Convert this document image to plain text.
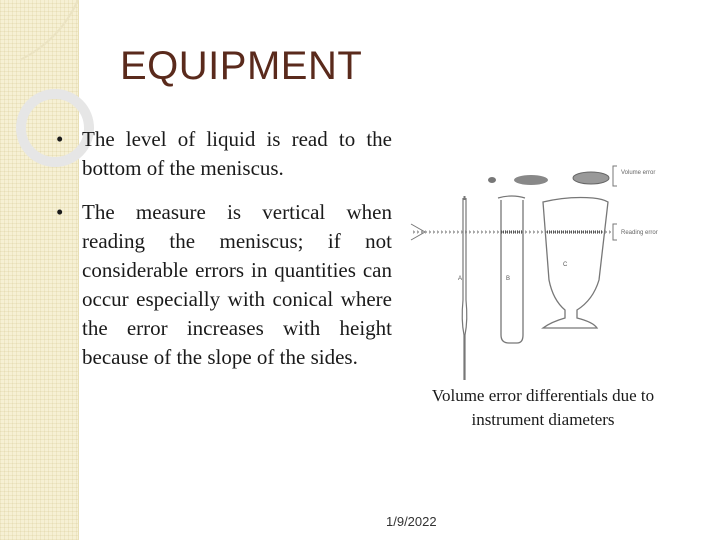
EQUIPMENT
• The level of liquid is read to the bottom of the meniscus.
• The measure is vertical when reading the meniscus; if not considerable errors in quantities can occur especially with conical where the error increases with height because of the slope of the sides.
A	B
C
Volume error
Reading error
Volume error differentials due to instrument diameters
1/9/2022
